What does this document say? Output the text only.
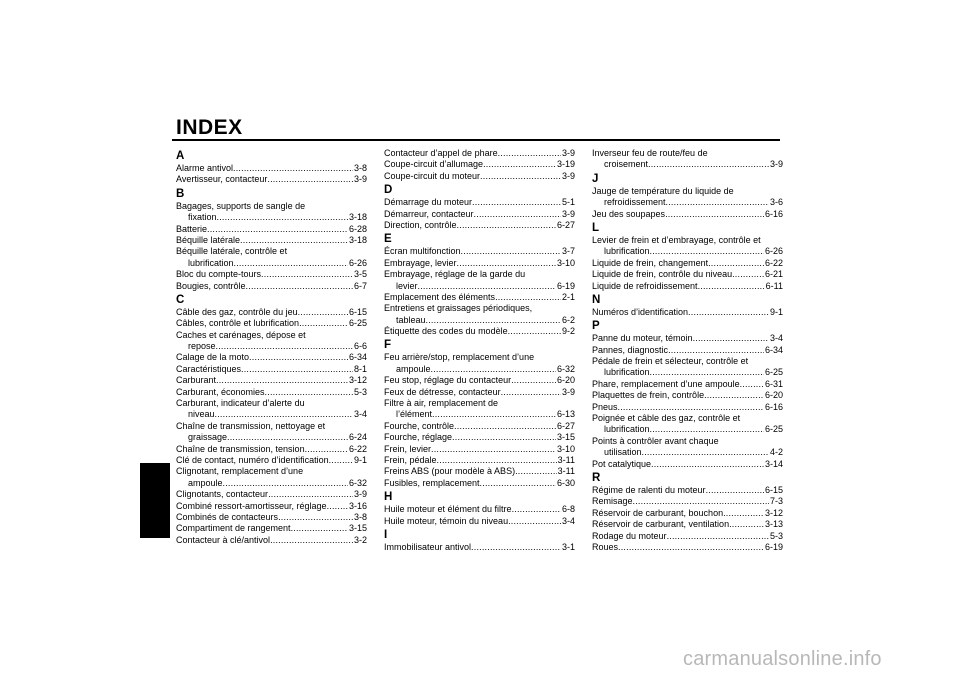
INDEX
A
Alarme antivol .....	3-8
Avertisseur, contacteur .....	3-9
B
Bagages, supports de sangle de
fixation .....	3-18
Batterie .....	6-28
Béquille latérale .....	3-18
Béquille latérale, contrôle et
lubrification .....	6-26
Bloc du compte-tours .....	3-5
Bougies, contrôle .....	6-7
C
Câble des gaz, contrôle du jeu .....	6-15
Câbles, contrôle et lubrification .....	6-25
Caches et carénages, dépose et
repose .....	6-6
Calage de la moto .....	6-34
Caractéristiques .....	8-1
Carburant .....	3-12
Carburant, économies .....	5-3
Carburant, indicateur d’alerte du
niveau .....	3-4
Chaîne de transmission, nettoyage et
graissage .....	6-24
Chaîne de transmission, tension .....	6-22
Clé de contact, numéro d’identification .....	9-1
Clignotant, remplacement d’une
ampoule .....	6-32
Clignotants, contacteur .....	3-9
Combiné ressort-amortisseur, réglage ..... 3-16
Combinés de contacteurs .....	3-8
Compartiment de rangement .....	3-15
Contacteur à clé/antivol .....	3-2
Contacteur d’appel de phare .....	3-9
Coupe-circuit d’allumage .....	3-19
Coupe-circuit du moteur .....	3-9
D
Démarrage du moteur .....	5-1
Démarreur, contacteur .....	3-9
Direction, contrôle .....	6-27
E
Écran multifonction .....	3-7
Embrayage, levier .....	3-10
Embrayage, réglage de la garde du
levier .....	6-19
Emplacement des éléments .....	2-1
Entretiens et graissages périodiques,
tableau .....	6-2
Étiquette des codes du modèle .....	9-2
F
Feu arrière/stop, remplacement d’une
ampoule .....	6-32
Feu stop, réglage du contacteur .....	6-20
Feux de détresse, contacteur .....	3-9
Filtre à air, remplacement de
l’élément .....	6-13
Fourche, contrôle .....	6-27
Fourche, réglage .....	3-15
Frein, levier .....	3-10
Frein, pédale .....	3-11
Freins ABS (pour modèle à ABS) .....	3-11
Fusibles, remplacement .....	6-30
H
Huile moteur et élément du filtre .....	6-8
Huile moteur, témoin du niveau .....	3-4
I
Immobilisateur antivol .....	3-1
Inverseur feu de route/feu de
croisement .....	3-9
J
Jauge de température du liquide de
refroidissement .....	3-6
Jeu des soupapes .....	6-16
L
Levier de frein et d’embrayage, contrôle et
lubrification .....	6-26
Liquide de frein, changement .....	6-22
Liquide de frein, contrôle du niveau .....	6-21
Liquide de refroidissement .....	6-11
N
Numéros d’identification .....	9-1
P
Panne du moteur, témoin .....	3-4
Pannes, diagnostic .....	6-34
Pédale de frein et sélecteur, contrôle et
lubrification .....	6-25
Phare, remplacement d’une ampoule .....	6-31
Plaquettes de frein, contrôle .....	6-20
Pneus .....	6-16
Poignée et câble des gaz, contrôle et
lubrification .....	6-25
Points à contrôler avant chaque
utilisation .....	4-2
Pot catalytique .....	3-14
R
Régime de ralenti du moteur .....	6-15
Remisage .....	7-3
Réservoir de carburant, bouchon .....	3-12
Réservoir de carburant, ventilation .....	3-13
Rodage du moteur .....	5-3
Roues .....	6-19
carmanualsonline.info
